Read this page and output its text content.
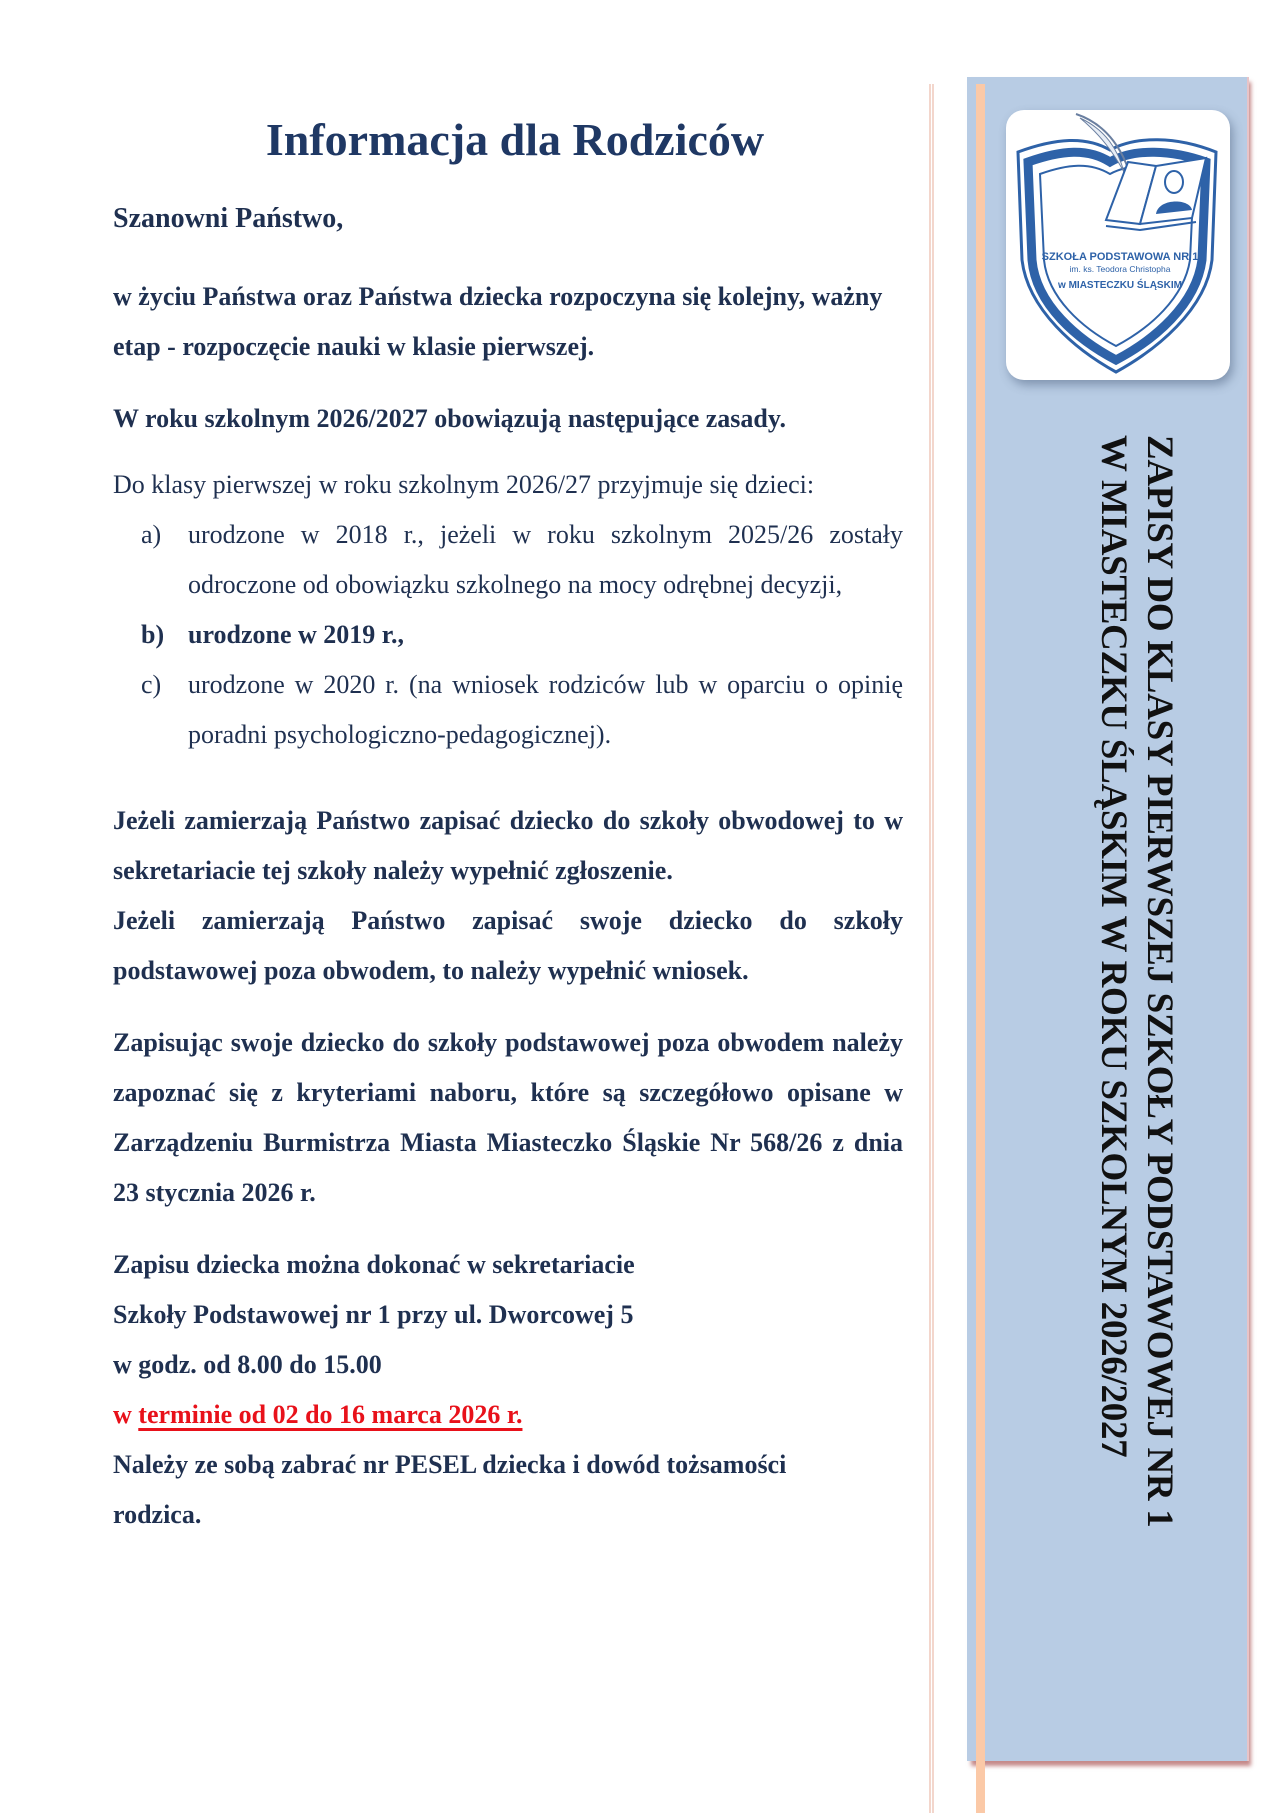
SZKOŁA PODSTAWOWA NR 1
im. ks. Teodora Christopha
w MIASTECZKU ŚLĄSKIM
ZAPISY DO KLASY PIERWSZEJ SZKOŁY PODSTAWOWEJ NR 1
W MIASTECZKU ŚLĄSKIM W ROKU SZKOLNYM 2026/2027
Informacja dla Rodziców

Szanowni Państwo,

w życiu Państwa oraz Państwa dziecka rozpoczyna się kolejny, ważny etap - rozpoczęcie nauki w klasie pierwszej.

W roku szkolnym 2026/2027 obowiązują następujące zasady.

Do klasy pierwszej w roku szkolnym 2026/27 przyjmuje się dzieci:

a) urodzone w 2018 r., jeżeli w roku szkolnym 2025/26 zostały odroczone od obowiązku szkolnego na mocy odrębnej decyzji,
b) urodzone w 2019 r.,
c) urodzone w 2020 r. (na wniosek rodziców lub w oparciu o opinię poradni psychologiczno-pedagogicznej).

Jeżeli zamierzają Państwo zapisać dziecko do szkoły obwodowej to w sekretariacie tej szkoły należy wypełnić zgłoszenie.

Jeżeli zamierzają Państwo zapisać swoje dziecko do szkoły podstawowej poza obwodem, to należy wypełnić wniosek.

Zapisując swoje dziecko do szkoły podstawowej poza obwodem należy zapoznać się z kryteriami naboru, które są szczegółowo opisane w Zarządzeniu Burmistrza Miasta Miasteczko Śląskie Nr 568/26 z dnia 23 stycznia 2026 r.

Zapisu dziecka można dokonać w sekretariacie

Szkoły Podstawowej nr 1 przy ul. Dworcowej 5

w godz. od 8.00 do 15.00

w terminie od 02 do 16 marca 2026 r.

Należy ze sobą zabrać nr PESEL dziecka i dowód tożsamości rodzica.
